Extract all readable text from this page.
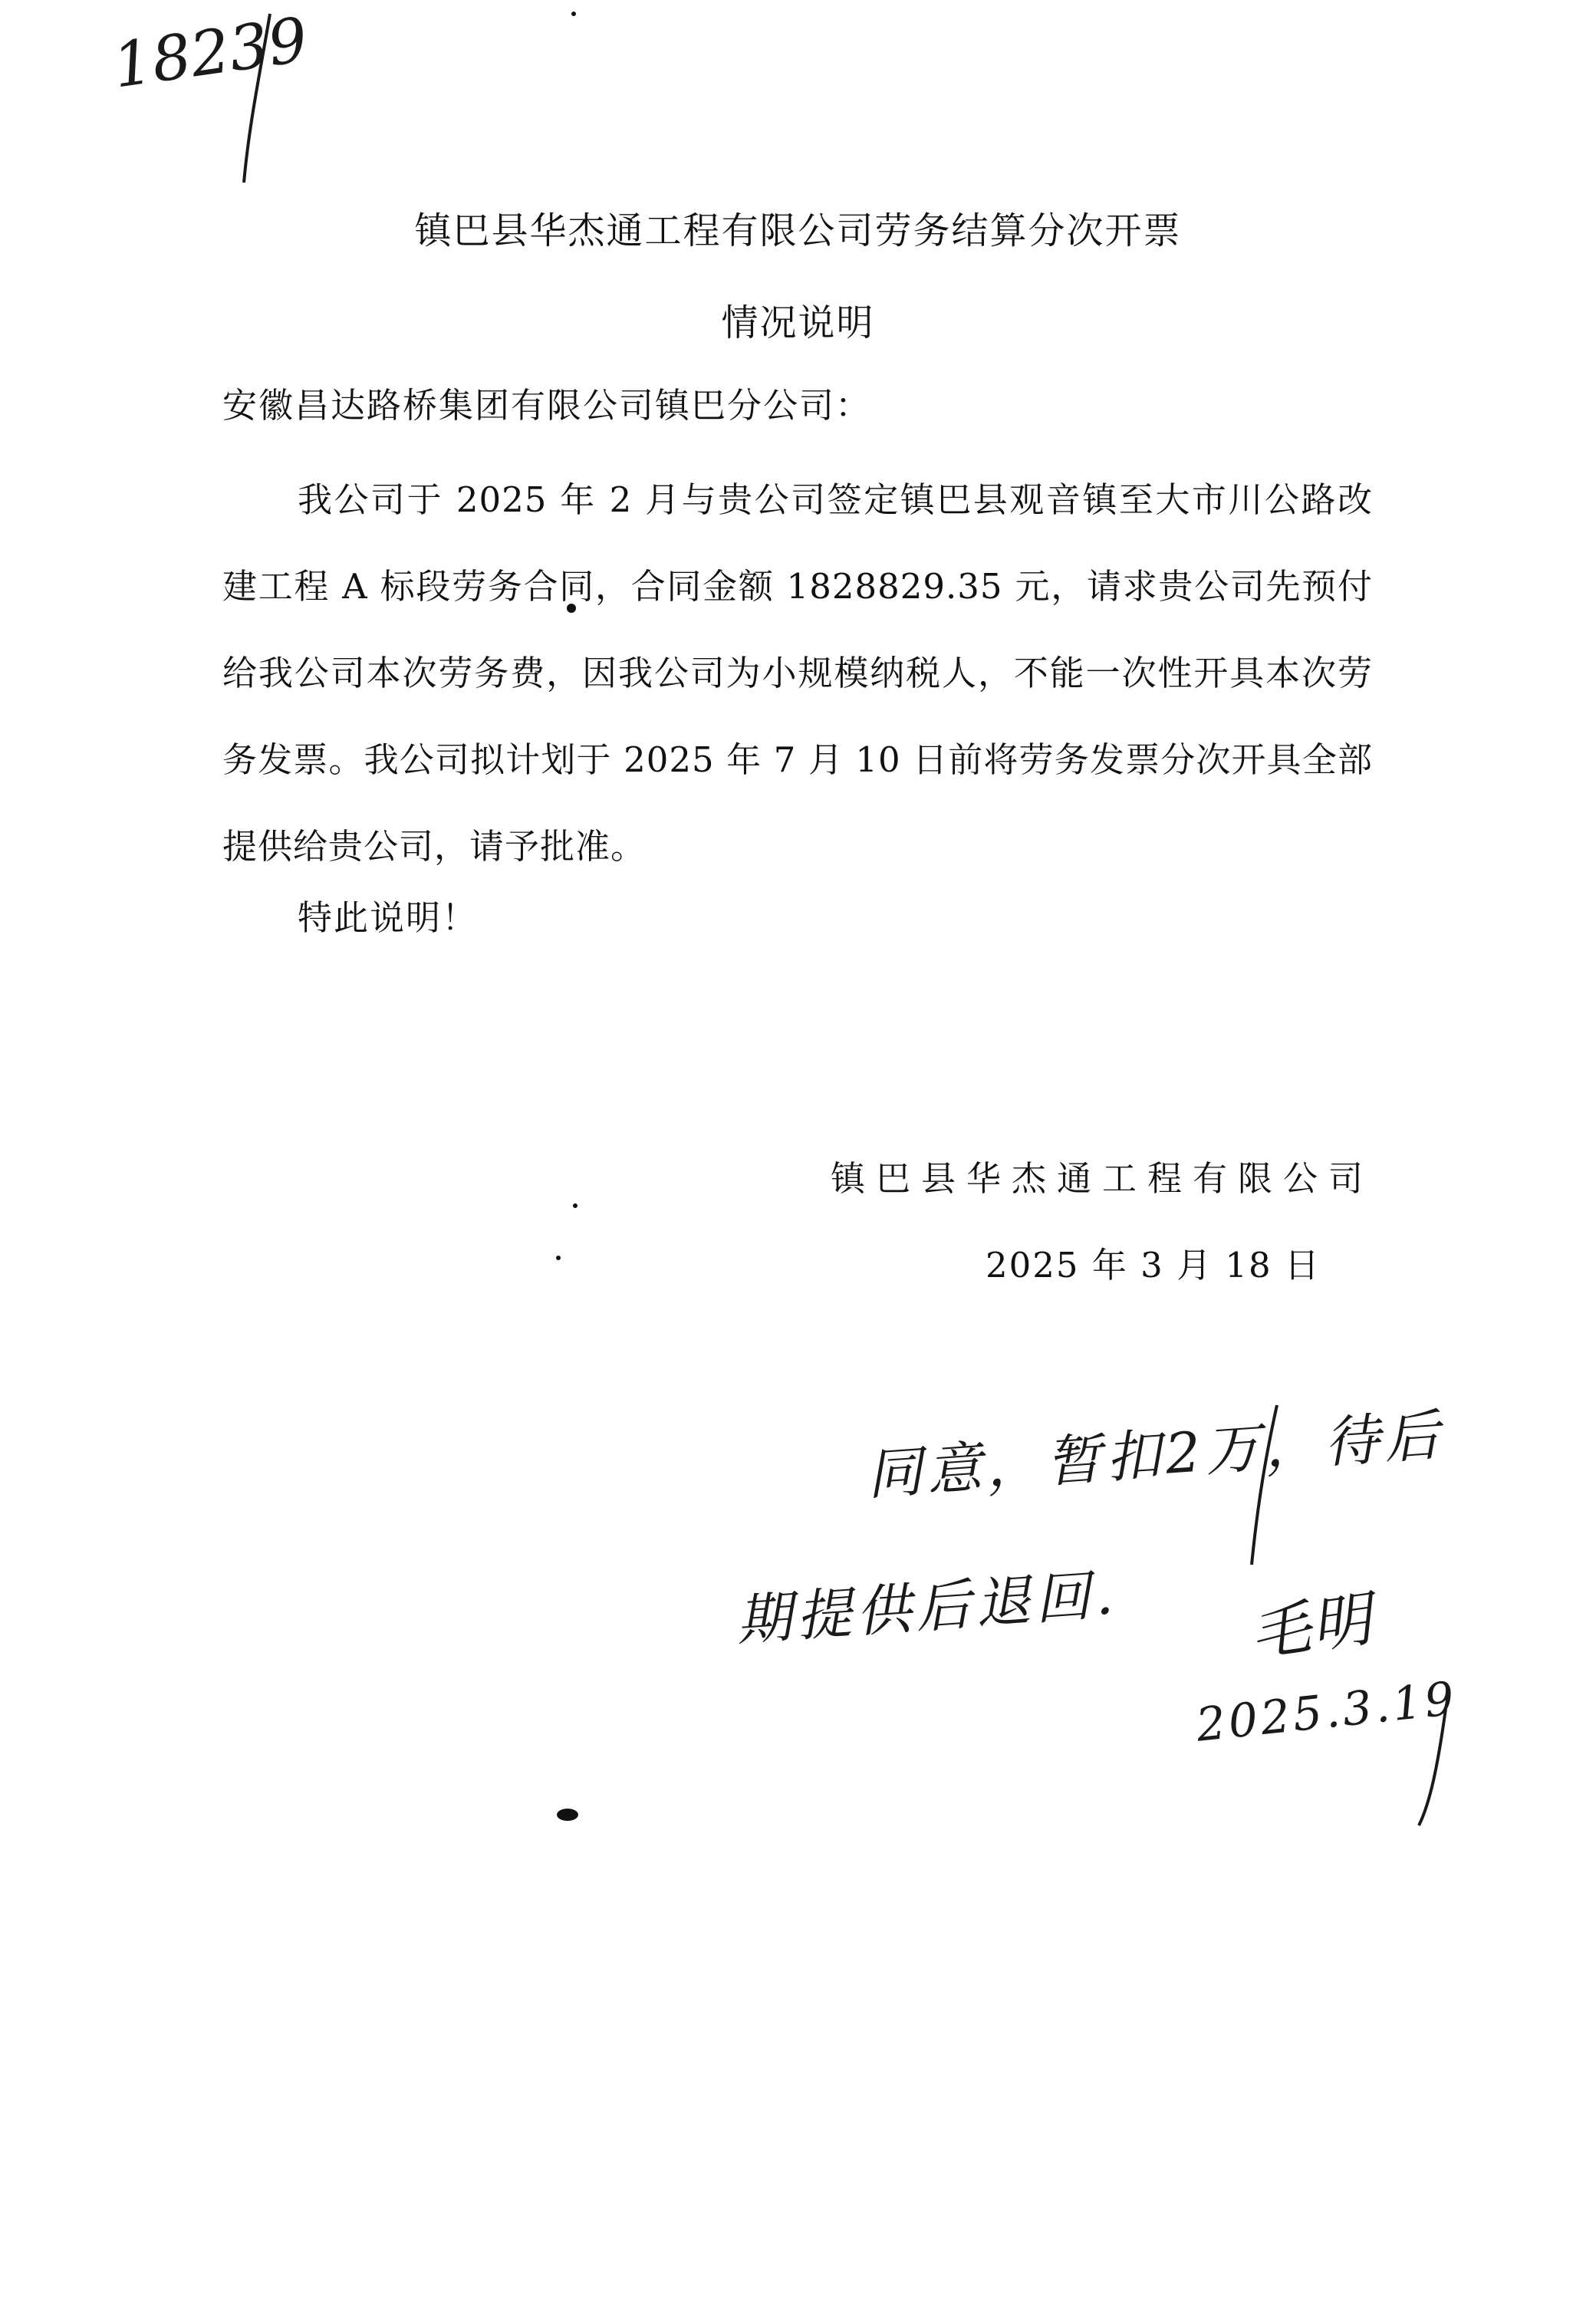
18239
镇巴县华杰通工程有限公司劳务结算分次开票
情况说明
安徽昌达路桥集团有限公司镇巴分公司：
我公司于 2025 年 2 月与贵公司签定镇巴县观音镇至大市川公路改建工程 A 标段劳务合同，合同金额 1828829.35 元，请求贵公司先预付给我公司本次劳务费，因我公司为小规模纳税人，不能一次性开具本次劳务发票。我公司拟计划于 2025 年 7 月 10 日前将劳务发票分次开具全部提供给贵公司，请予批准。
特此说明！
镇巴县华杰通工程有限公司
2025 年 3 月 18 日
同意，暂扣2万，待后
期提供后退回． 毛明
2025.3.19
